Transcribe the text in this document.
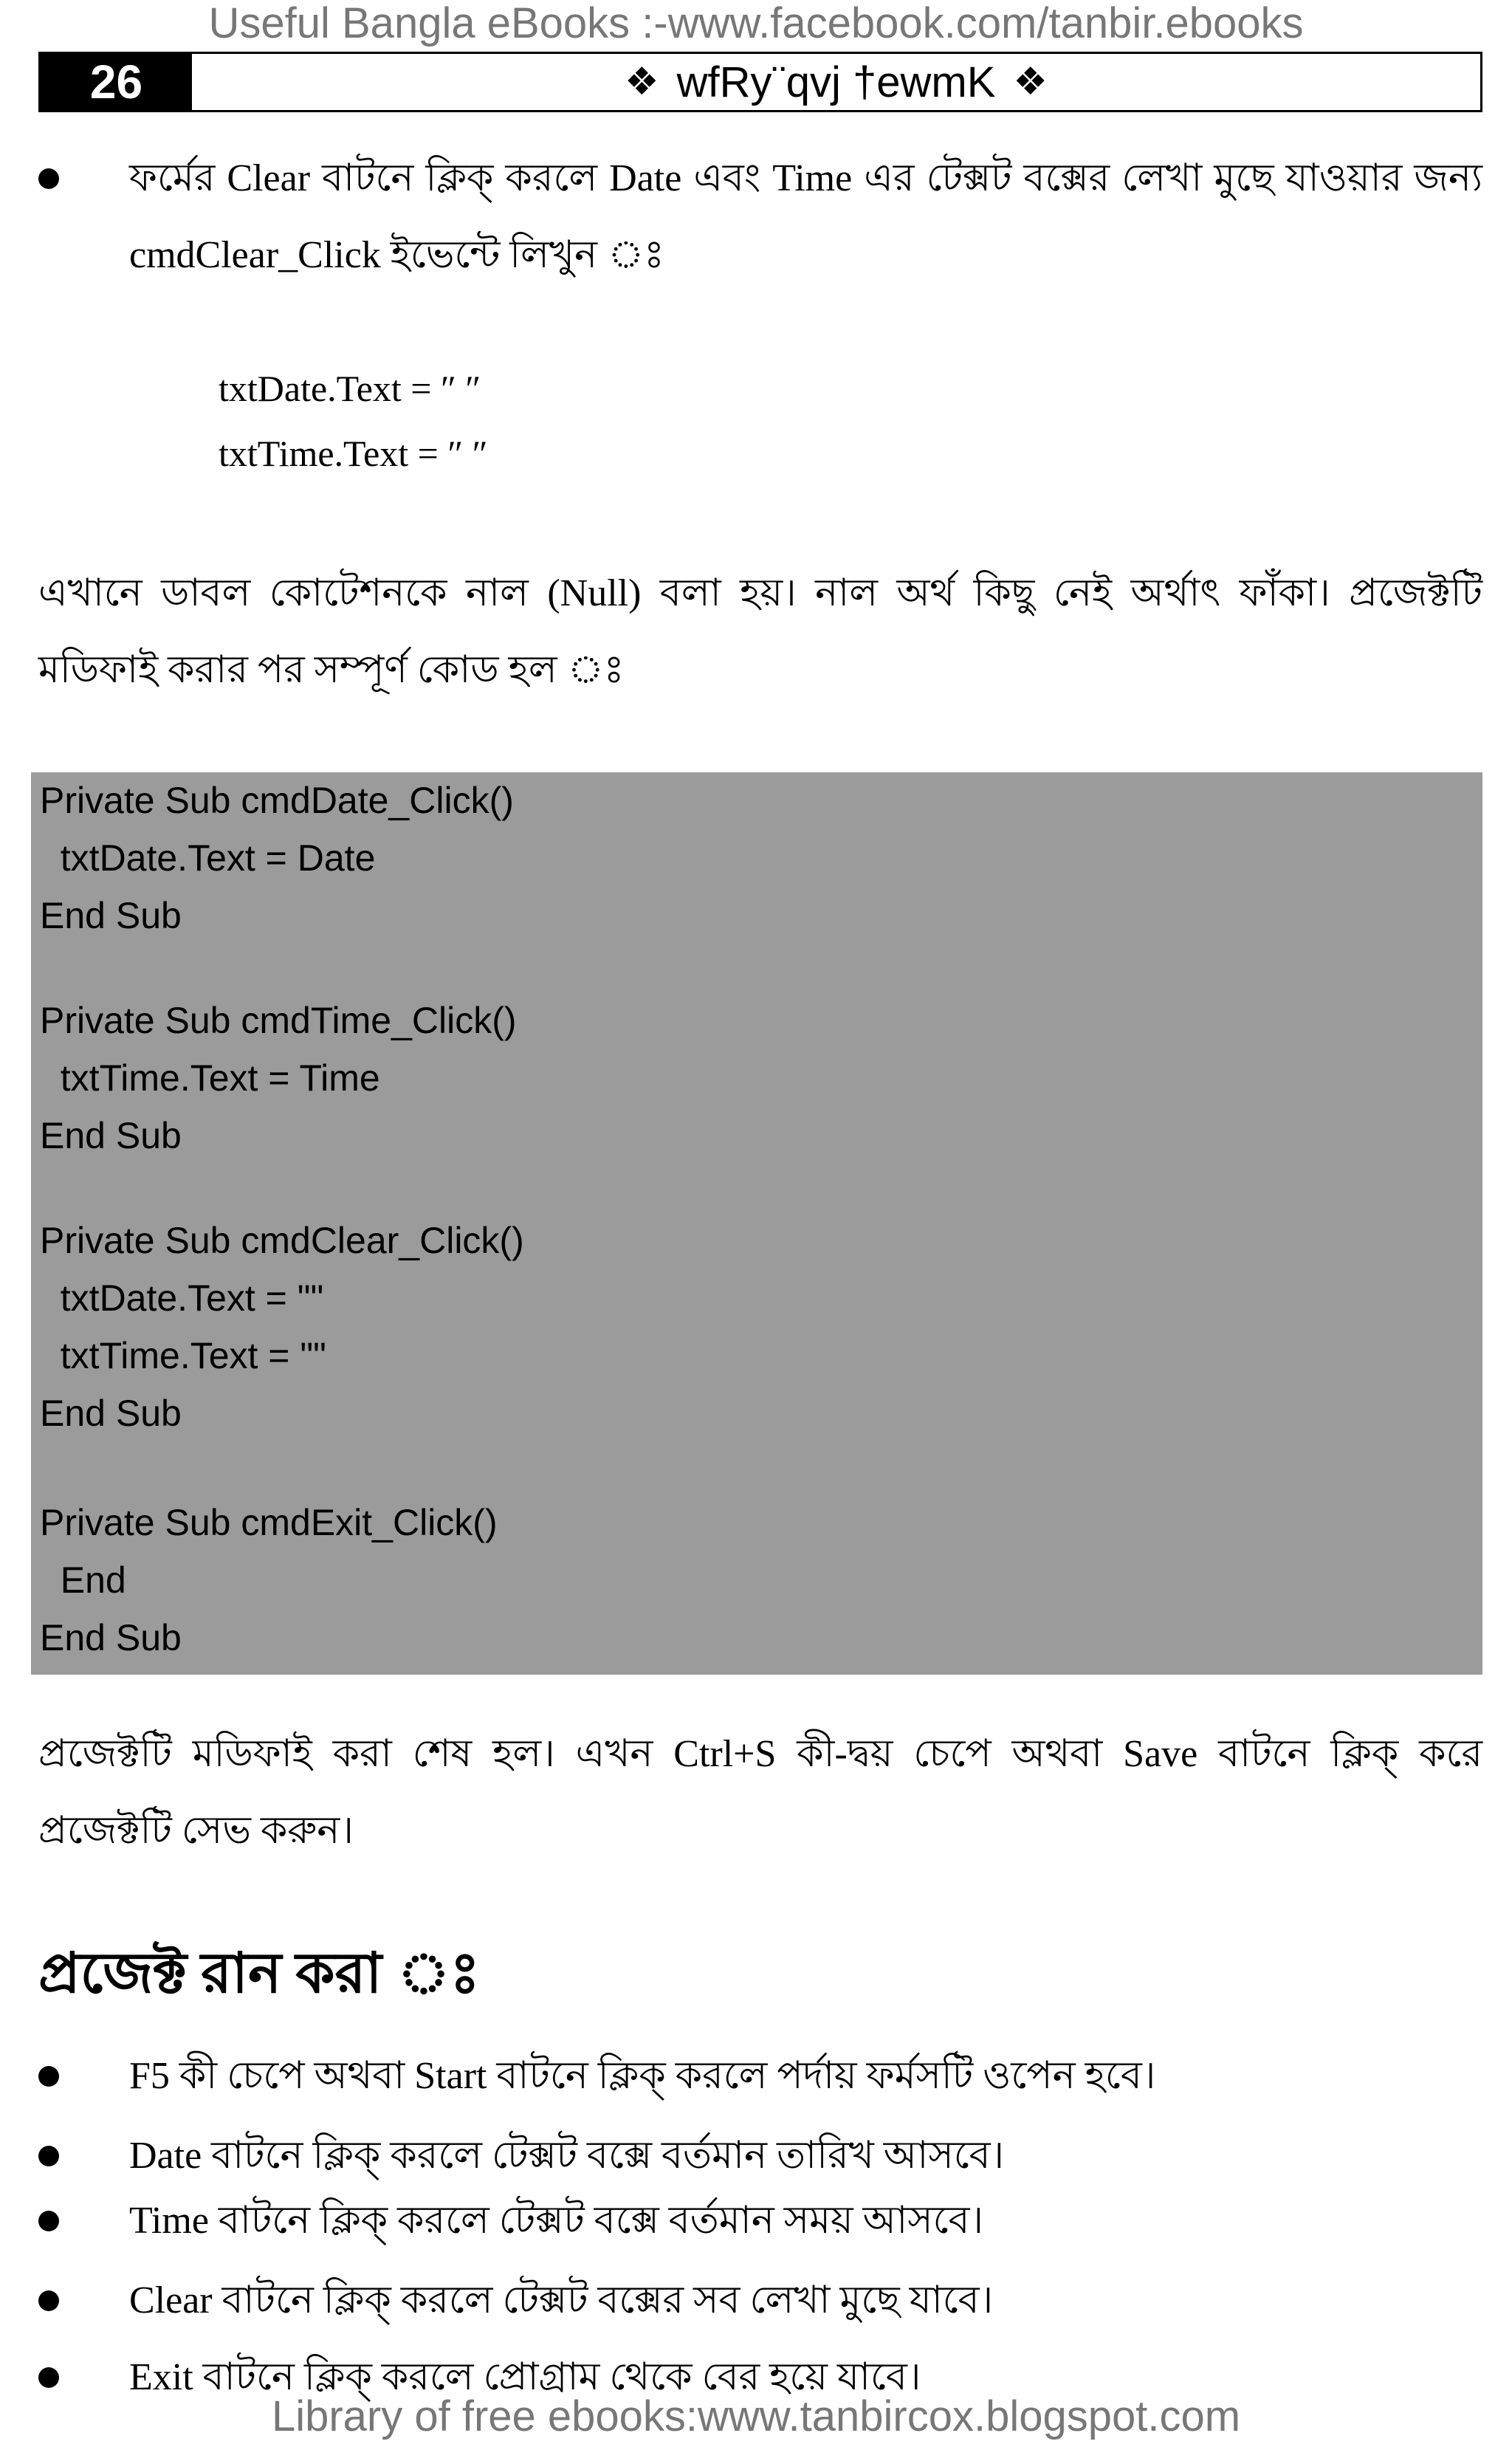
Useful Bangla eBooks :-www.facebook.com/tanbir.ebooks
26	❖ wfRy¨qvj †ewmK ❖
ফর্মের Clear বাটনে ক্লিক্ করলে Date এবং Time এর টেক্সট বক্সের লেখা মুছে যাওয়ার জন্য cmdClear_Click ইভেন্টে লিখুন ঃ
txtDate.Text = ″ ″
txtTime.Text = ″ ″
এখানে ডাবল কোটেশনকে নাল (Null) বলা হয়। নাল অর্থ কিছু নেই অর্থাৎ ফাঁকা। প্রজেক্টটি মডিফাই করার পর সম্পূর্ণ কোড হল ঃ
Private Sub cmdDate_Click()
txtDate.Text = Date
End Sub
Private Sub cmdTime_Click()
txtTime.Text = Time
End Sub
Private Sub cmdClear_Click()
txtDate.Text = ""
txtTime.Text = ""
End Sub
Private Sub cmdExit_Click()
End
End Sub
প্রজেক্টটি মডিফাই করা শেষ হল। এখন Ctrl+S কী-দ্বয় চেপে অথবা Save বাটনে ক্লিক্ করে প্রজেক্টটি সেভ করুন।
প্রজেক্ট রান করা ঃ
F5 কী চেপে অথবা Start বাটনে ক্লিক্ করলে পর্দায় ফর্মসটি ওপেন হবে।
Date বাটনে ক্লিক্ করলে টেক্সট বক্সে বর্তমান তারিখ আসবে।
Time বাটনে ক্লিক্ করলে টেক্সট বক্সে বর্তমান সময় আসবে।
Clear বাটনে ক্লিক্ করলে টেক্সট বক্সের সব লেখা মুছে যাবে।
Exit বাটনে ক্লিক্ করলে প্রোগ্রাম থেকে বের হয়ে যাবে।
Library of free ebooks:www.tanbircox.blogspot.com
